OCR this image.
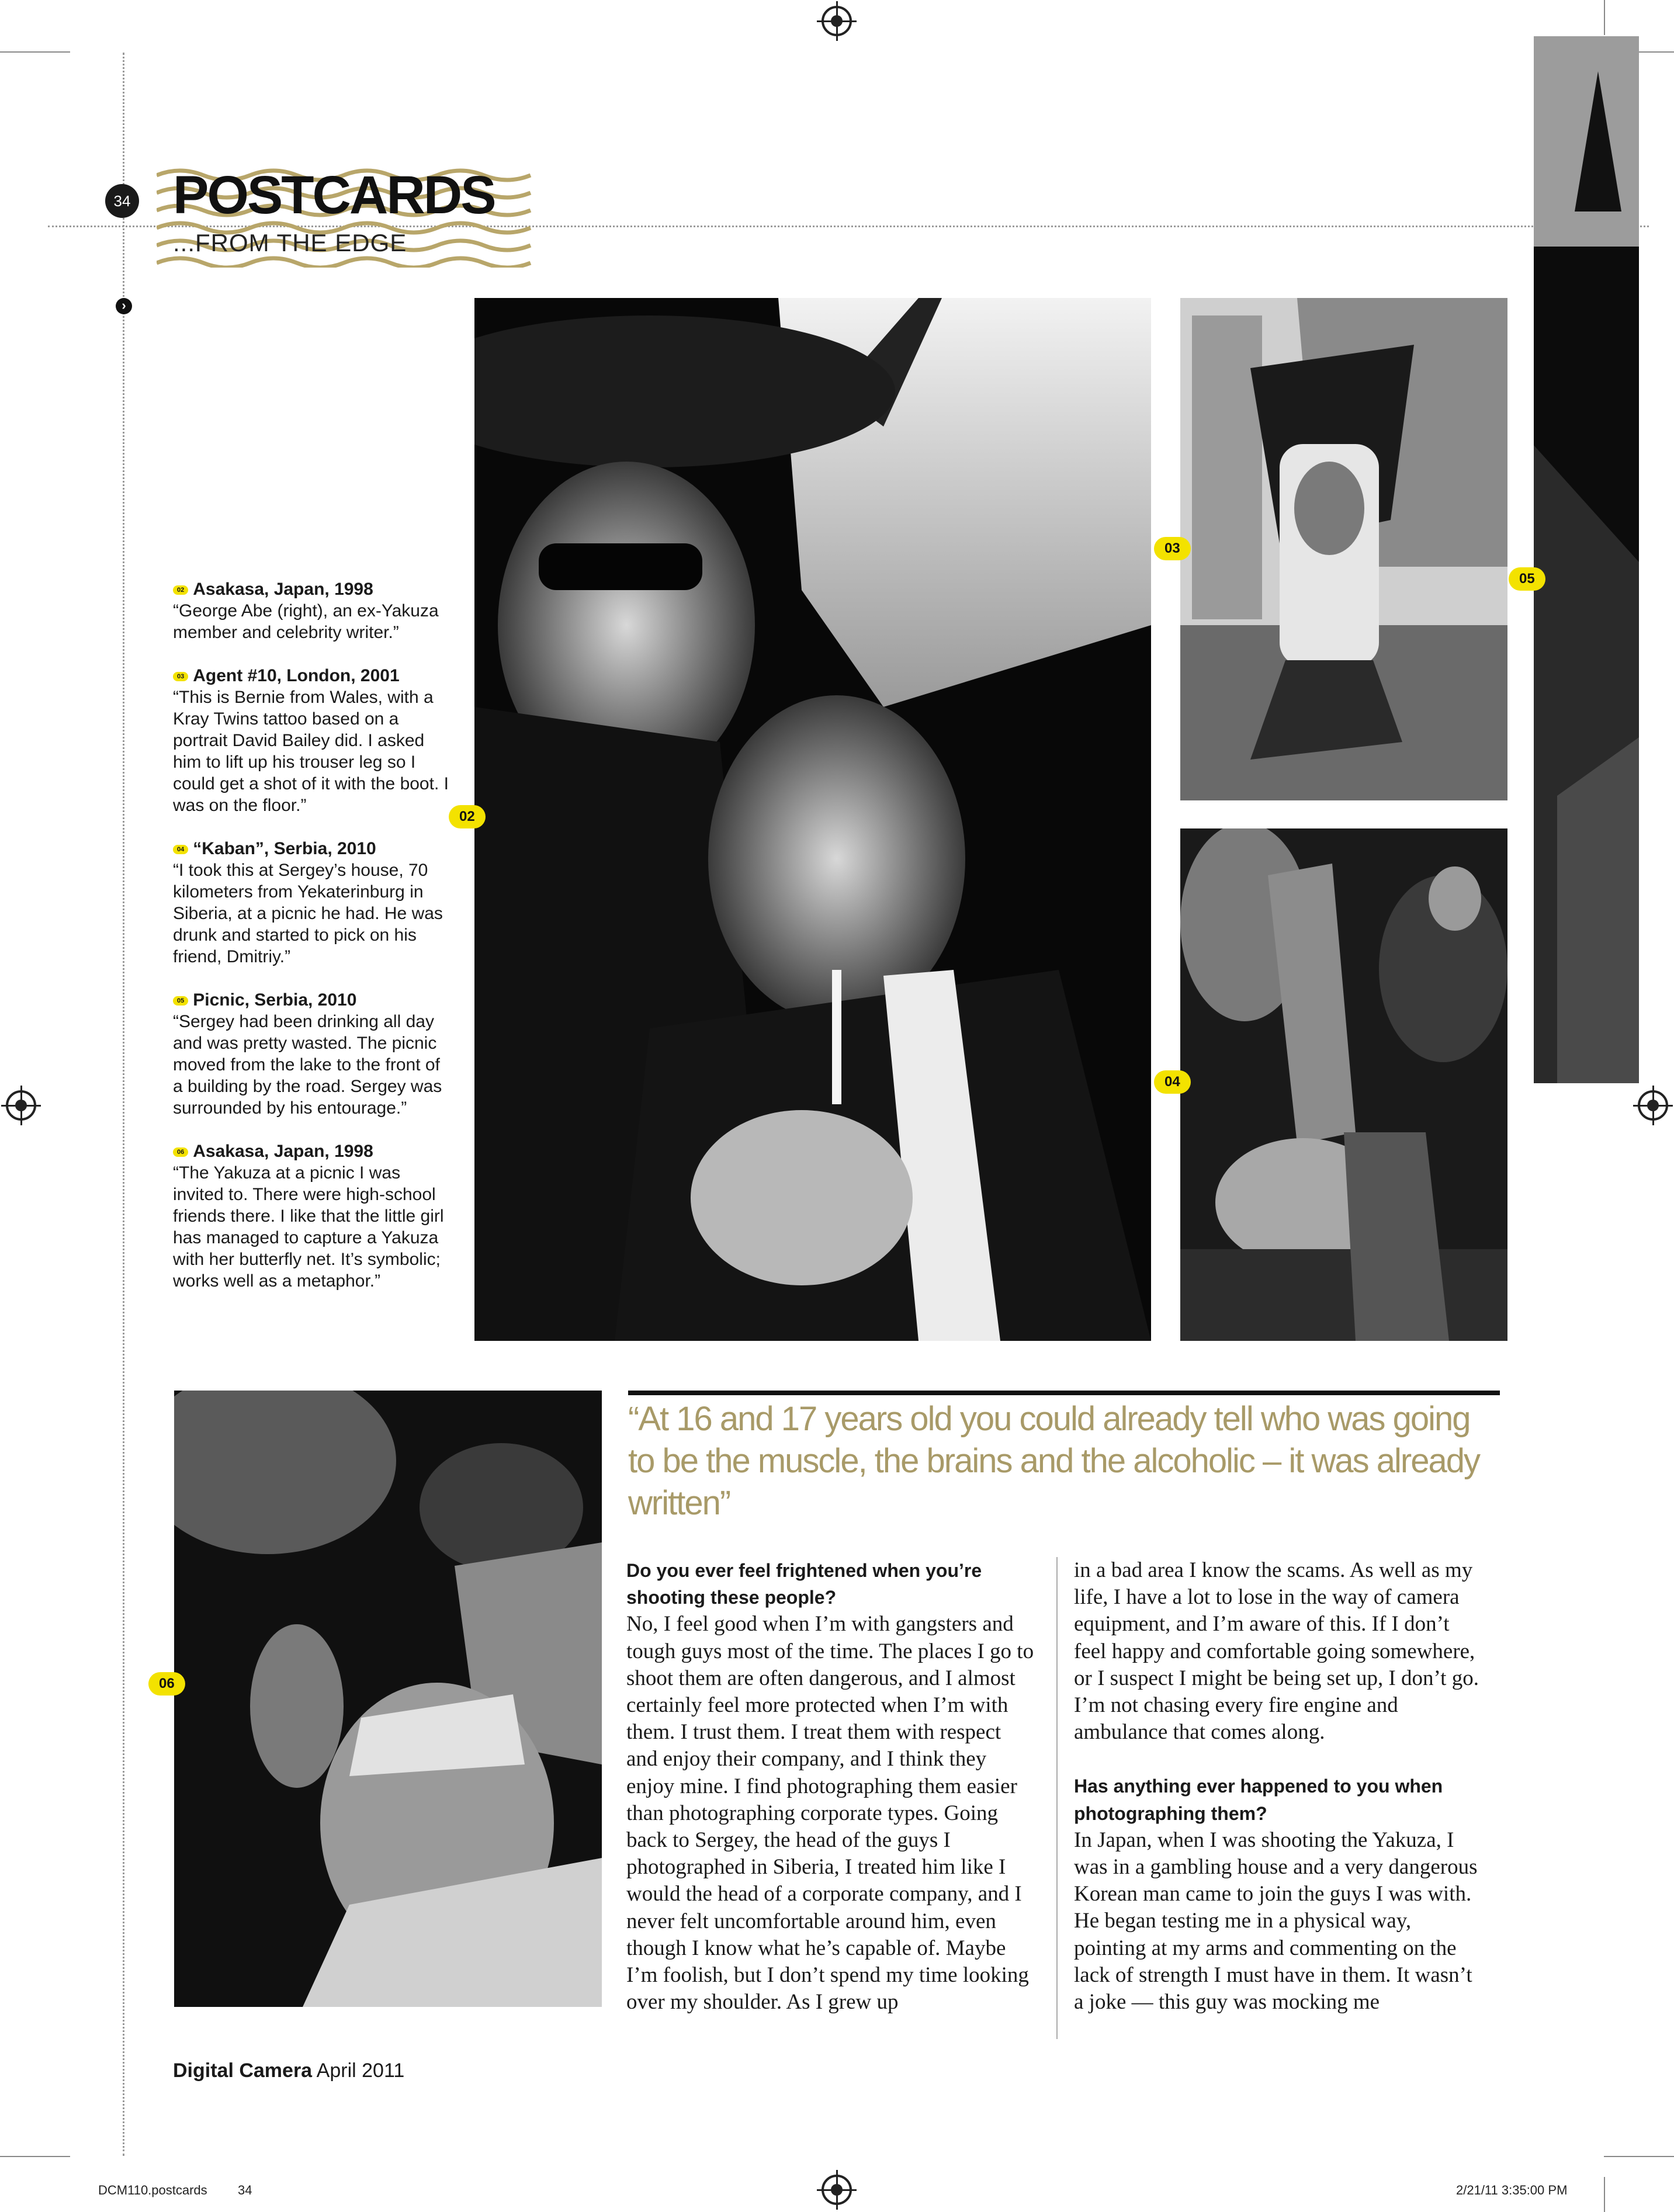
34 POSTCARDS
...FROM THE EDGE
›
02
03
04
05
06
02 Asakasa, Japan, 1998
“George Abe (right), an ex-Yakuza member and celebrity writer.”
03 Agent #10, London, 2001
“This is Bernie from Wales, with a Kray Twins tattoo based on a portrait David Bailey did. I asked him to lift up his trouser leg so I could get a shot of it with the boot. I was on the floor.”
04 “Kaban”, Serbia, 2010
“I took this at Sergey’s house, 70 kilometers from Yekaterinburg in Siberia, at a picnic he had. He was drunk and started to pick on his friend, Dmitriy.”
05 Picnic, Serbia, 2010
“Sergey had been drinking all day and was pretty wasted. The picnic moved from the lake to the front of a building by the road. Sergey was surrounded by his entourage.”
06 Asakasa, Japan, 1998
“The Yakuza at a picnic I was invited to. There were high-school friends there. I like that the little girl has managed to capture a Yakuza with her butterfly net. It’s symbolic; works well as a metaphor.”
“At 16 and 17 years old you could already tell who was going to be the muscle, the brains and the alcoholic – it was already written”

Do you ever feel frightened when you’re shooting these people?

No, I feel good when I’m with gangsters and tough guys most of the time. The places I go to shoot them are often dangerous, and I almost certainly feel more protected when I’m with them. I trust them. I treat them with respect and enjoy their company, and I think they enjoy mine. I find photographing them easier than photographing corporate types. Going back to Sergey, the head of the guys I photographed in Siberia, I treated him like I would the head of a corporate company, and I never felt uncomfortable around him, even though I know what he’s capable of. Maybe I’m foolish, but I don’t spend my time looking over my shoulder. As I grew up

in a bad area I know the scams. As well as my life, I have a lot to lose in the way of camera equipment, and I’m aware of this. If I don’t feel happy and comfortable going somewhere, or I suspect I might be being set up, I don’t go. I’m not chasing every fire engine and ambulance that comes along.

Has anything ever happened to you when photographing them?

In Japan, when I was shooting the Yakuza, I was in a gambling house and a very dangerous Korean man came to join the guys I was with. He began testing me in a physical way, pointing at my arms and commenting on the lack of strength I must have in them. It wasn’t a joke — this guy was mocking me

Digital Camera April 2011
DCM110.postcards 34	2/21/11 3:35:00 PM
